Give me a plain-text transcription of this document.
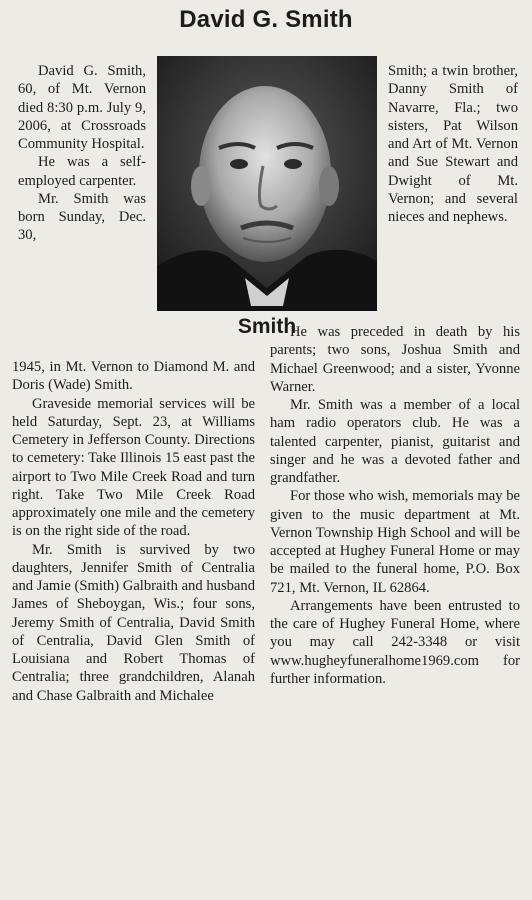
David G. Smith

David G. Smith, 60, of Mt. Vernon died 8:30 p.m. July 9, 2006, at Crossroads Community Hospital.

He was a self-employed carpenter.

Mr. Smith was born Sunday, Dec. 30,

Smith

Smith; a twin brother, Danny Smith of Navarre, Fla.; two sisters, Pat Wilson and Art of Mt. Vernon and Sue Stewart and Dwight of Mt. Vernon; and several nieces and nephews.

1945, in Mt. Vernon to Diamond M. and Doris (Wade) Smith.

Graveside memorial services will be held Saturday, Sept. 23, at Williams Cemetery in Jefferson County. Directions to cemetery: Take Illinois 15 east past the airport to Two Mile Creek Road and turn right. Take Two Mile Creek Road approximately one mile and the cemetery is on the right side of the road.

Mr. Smith is survived by two daughters, Jennifer Smith of Centralia and Jamie (Smith) Galbraith and husband James of Sheboygan, Wis.; four sons, Jeremy Smith of Centralia, David Smith of Centralia, David Glen Smith of Louisiana and Robert Thomas of Centralia; three grandchildren, Alanah and Chase Galbraith and Michalee

He was preceded in death by his parents; two sons, Joshua Smith and Michael Greenwood; and a sister, Yvonne Warner.

Mr. Smith was a member of a local ham radio operators club. He was a talented carpenter, pianist, guitarist and singer and he was a devoted father and grandfather.

For those who wish, memorials may be given to the music department at Mt. Vernon Township High School and will be accepted at Hughey Funeral Home or may be mailed to the funeral home, P.O. Box 721, Mt. Vernon, IL 62864.

Arrangements have been entrusted to the care of Hughey Funeral Home, where you may call 242-3348 or visit www.hugheyfuneralhome1969.com for further information.
